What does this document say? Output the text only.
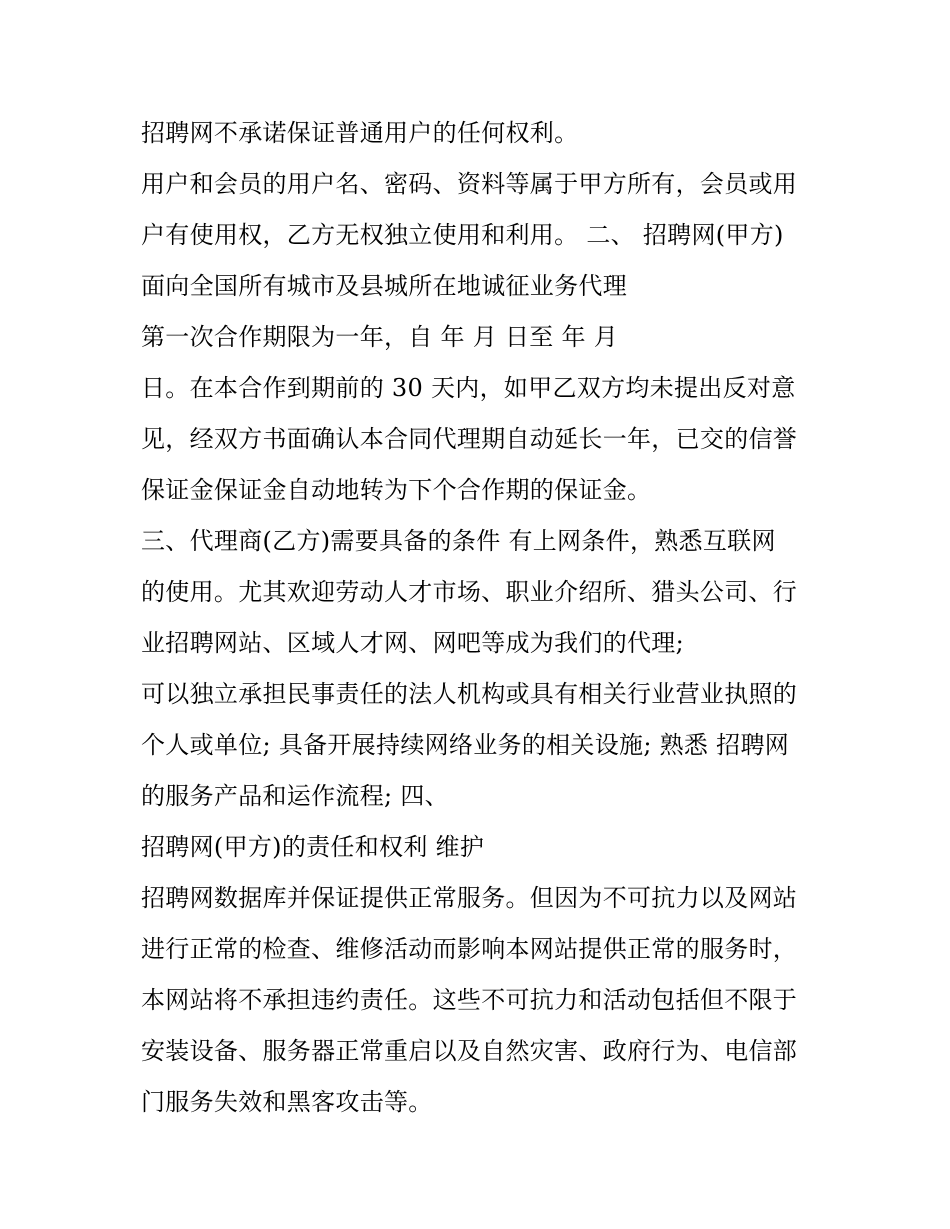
招聘网不承诺保证普通用户的任何权利。
用户和会员的用户名、密码、资料等属于甲方所有，会员或用
户有使用权，乙方无权独立使用和利用。 二、 招聘网(甲方)
面向全国所有城市及县城所在地诚征业务代理
第一次合作期限为一年，自 年 月 日至 年 月
日。在本合作到期前的 30 天内，如甲乙双方均未提出反对意
见，经双方书面确认本合同代理期自动延长一年，已交的信誉
保证金保证金自动地转为下个合作期的保证金。
三、代理商(乙方)需要具备的条件 有上网条件，熟悉互联网
的使用。尤其欢迎劳动人才市场、职业介绍所、猎头公司、行
业招聘网站、区域人才网、网吧等成为我们的代理;
可以独立承担民事责任的法人机构或具有相关行业营业执照的
个人或单位; 具备开展持续网络业务的相关设施; 熟悉 招聘网
的服务产品和运作流程; 四、
招聘网(甲方)的责任和权利 维护
招聘网数据库并保证提供正常服务。但因为不可抗力以及网站
进行正常的检查、维修活动而影响本网站提供正常的服务时，
本网站将不承担违约责任。这些不可抗力和活动包括但不限于
安装设备、服务器正常重启以及自然灾害、政府行为、电信部
门服务失效和黑客攻击等。
